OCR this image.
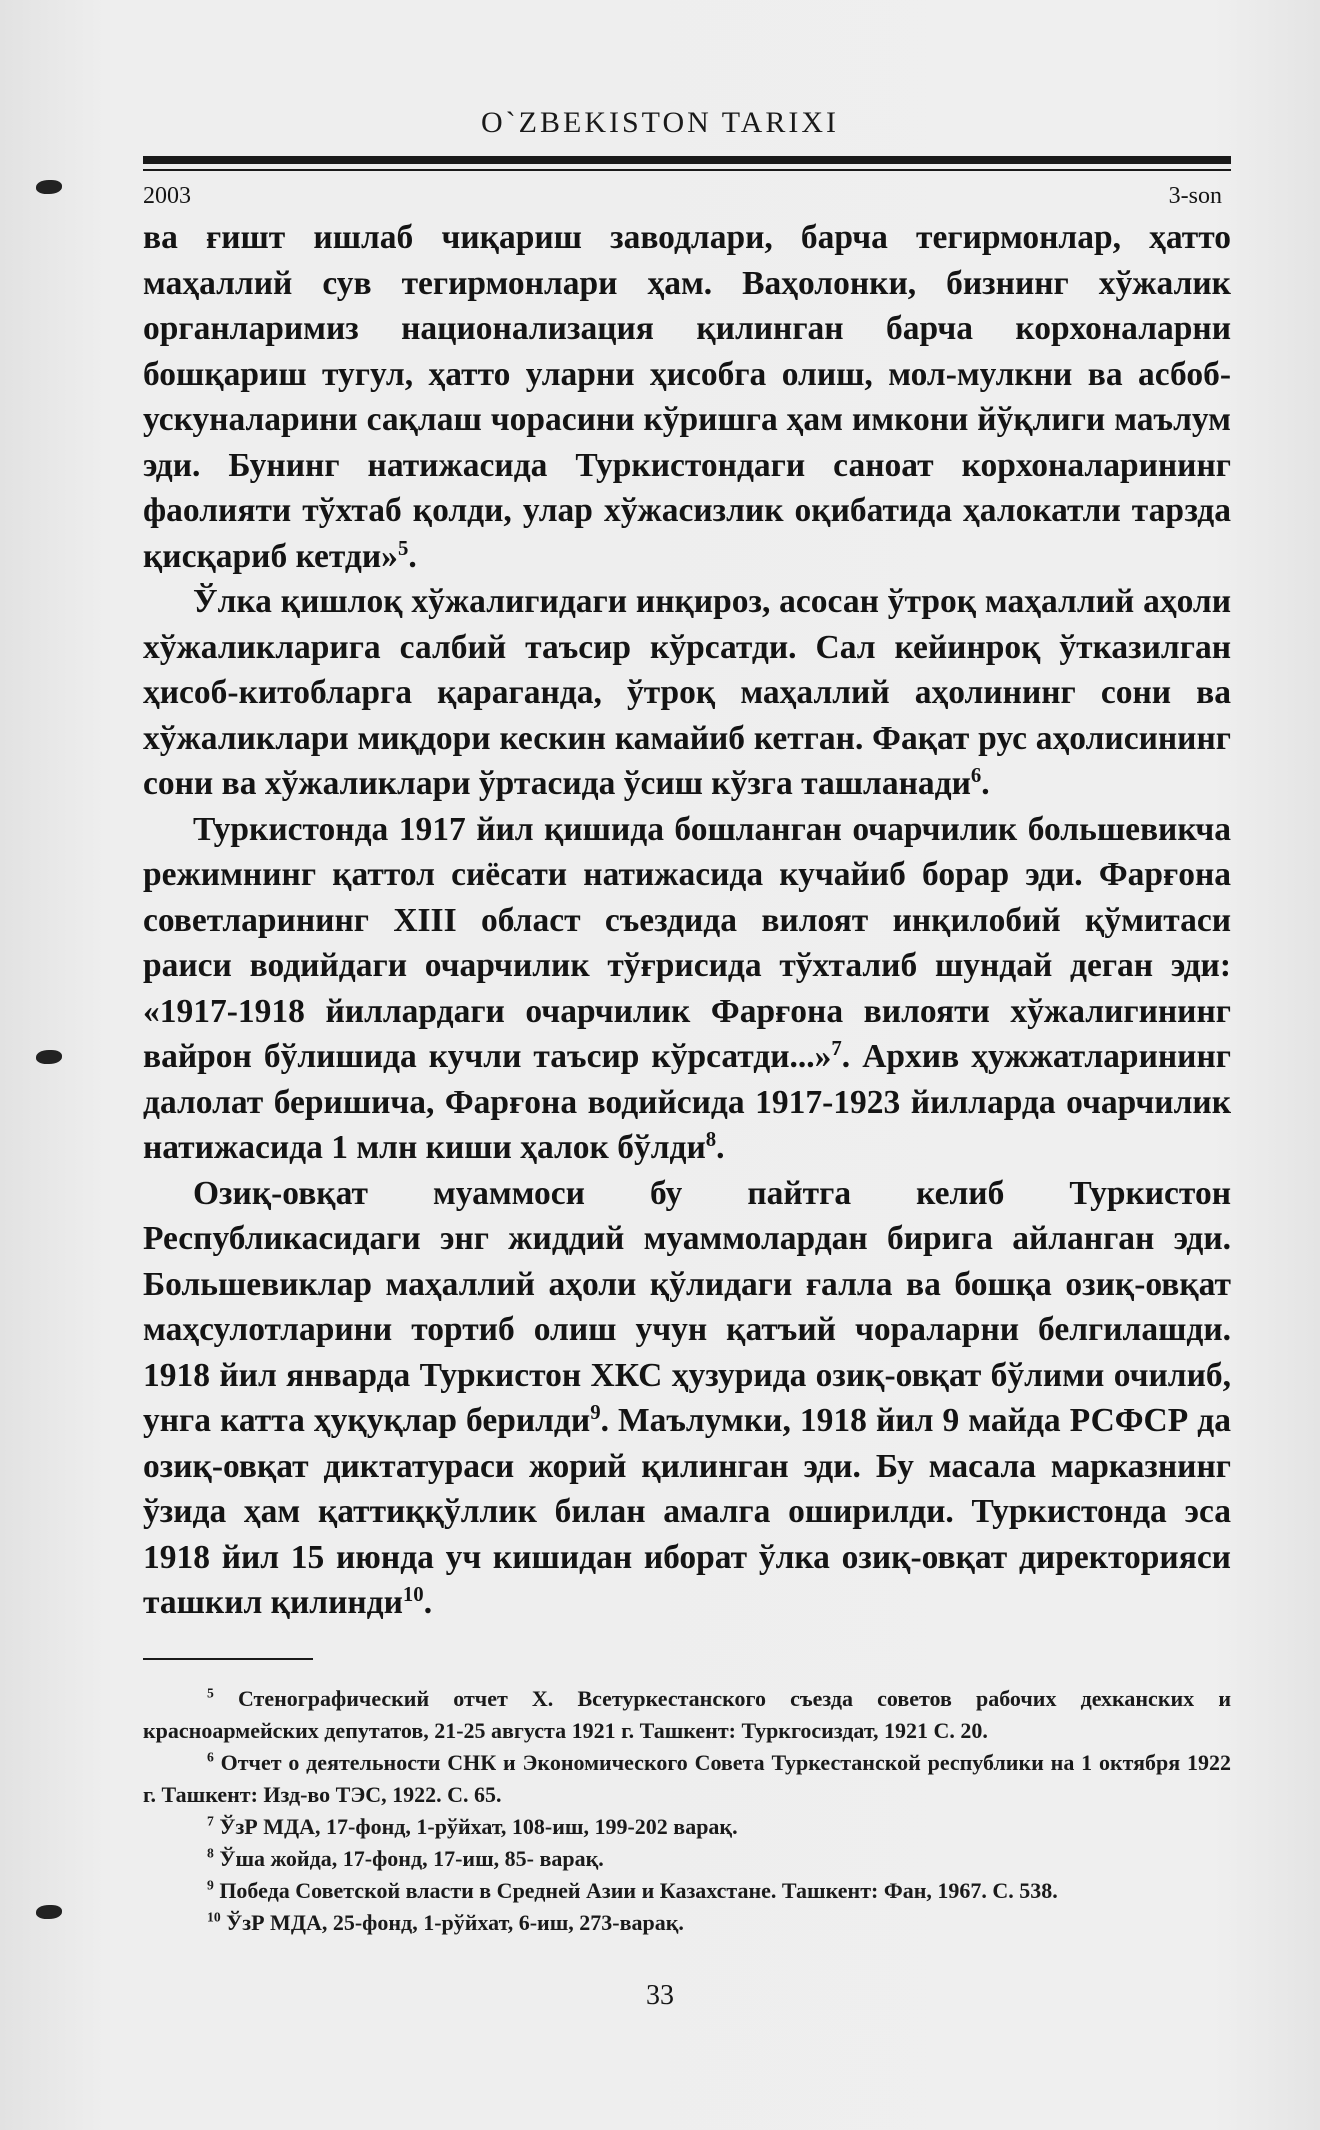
O`ZBEKISTON TARIXI
2003	3-son

ва ғишт ишлаб чиқариш заводлари, барча тегирмонлар, ҳатто маҳаллий сув тегирмонлари ҳам. Ваҳолонки, бизнинг хўжалик органларимиз национализация қилинган барча корхоналарни бошқариш тугул, ҳатто уларни ҳисобга олиш, мол-мулкни ва асбоб-ускуналарини сақлаш чорасини кўришга ҳам имкони йўқлиги маълум эди. Бунинг натижасида Туркистондаги саноат корхоналарининг фаолияти тўхтаб қолди, улар хўжасизлик оқибатида ҳалокатли тарзда қисқариб кетди»$^5$.

Ўлка қишлоқ хўжалигидаги инқироз, асосан ўтроқ маҳаллий аҳоли хўжаликларига салбий таъсир кўрсатди. Сал кейинроқ ўтказилган ҳисоб-китобларга қараганда, ўтроқ маҳаллий аҳолининг сони ва хўжаликлари миқдори кескин камайиб кетган. Фақат рус аҳолисининг сони ва хўжаликлари ўртасида ўсиш кўзга ташланади$^6$.

Туркистонда 1917 йил қишида бошланган очарчилик большевикча режимнинг қаттол сиёсати натижасида кучайиб борар эди. Фарғона советларининг XIII област съездида вилоят инқилобий қўмитаси раиси водийдаги очарчилик тўғрисида тўхталиб шундай деган эди: «1917-1918 йиллардаги очарчилик Фарғона вилояти хўжалигининг вайрон бўлишида кучли таъсир кўрсатди...»$^7$. Архив ҳужжатларининг далолат беришича, Фарғона водийсида 1917-1923 йилларда очарчилик натижасида 1 млн киши ҳалок бўлди$^8$.

Озиқ-овқат муаммоси бу пайтга келиб Туркистон Республикасидаги энг жиддий муаммолардан бирига айланган эди. Большевиклар маҳаллий аҳоли қўлидаги ғалла ва бошқа озиқ-овқат маҳсулотларини тортиб олиш учун қатъий чораларни белгилашди. 1918 йил январда Туркистон ХКС ҳузурида озиқ-овқат бўлими очилиб, унга катта ҳуқуқлар берилди$^9$. Маълумки, 1918 йил 9 майда РСФСР да озиқ-овқат диктатураси жорий қилинган эди. Бу масала марказнинг ўзида ҳам қаттиққўллик билан амалга оширилди. Туркистонда эса 1918 йил 15 июнда уч кишидан иборат ўлка озиқ-овқат директорияси ташкил қилинди$^{10}$.

$^5$ Стенографический отчет Х. Всетуркестанского съезда советов рабочих дехканских и красноармейских депутатов, 21-25 августа 1921 г. Ташкент: Туркгосиздат, 1921 С. 20.

$^6$ Отчет о деятельности СНК и Экономического Совета Туркестанской республики на 1 октября 1922 г. Ташкент: Изд-во ТЭС, 1922. С. 65.

$^7$ ЎзР МДА, 17-фонд, 1-рўйхат, 108-иш, 199-202 варақ.

$^8$ Ўша жойда, 17-фонд, 17-иш, 85- варақ.

$^9$ Победа Советской власти в Средней Азии и Казахстане. Ташкент: Фан, 1967. С. 538.

$^{10}$ ЎзР МДА, 25-фонд, 1-рўйхат, 6-иш, 273-варақ.

33
